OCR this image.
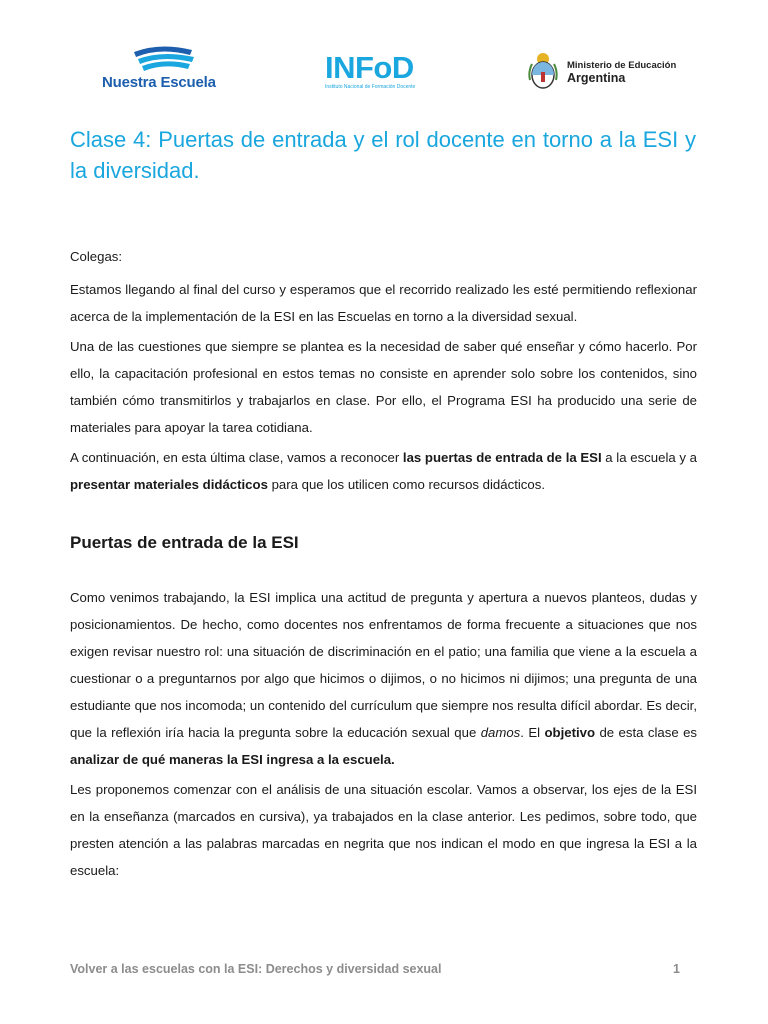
Nuestra Escuela	INFoD
Instituto Nacional de Formación Docente
Ministerio de Educación
Argentina
Clase 4: Puertas de entrada y el rol docente en torno a la ESI y la diversidad.

Colegas:

Estamos llegando al final del curso y esperamos que el recorrido realizado les esté permitiendo reflexionar acerca de la implementación de la ESI en las Escuelas en torno a la diversidad sexual.

Una de las cuestiones que siempre se plantea es la necesidad de saber qué enseñar y cómo hacerlo. Por ello, la capacitación profesional en estos temas no consiste en aprender solo sobre los contenidos, sino también cómo transmitirlos y trabajarlos en clase. Por ello, el Programa ESI ha producido una serie de materiales para apoyar la tarea cotidiana.

A continuación, en esta última clase, vamos a reconocer las puertas de entrada de la ESI a la escuela y a presentar materiales didácticos para que los utilicen como recursos didácticos.

Puertas de entrada de la ESI

Como venimos trabajando, la ESI implica una actitud de pregunta y apertura a nuevos planteos, dudas y posicionamientos. De hecho, como docentes nos enfrentamos de forma frecuente a situaciones que nos exigen revisar nuestro rol: una situación de discriminación en el patio; una familia que viene a la escuela a cuestionar o a preguntarnos por algo que hicimos o dijimos, o no hicimos ni dijimos; una pregunta de una estudiante que nos incomoda; un contenido del currículum que siempre nos resulta difícil abordar. Es decir, que la reflexión iría hacia la pregunta sobre la educación sexual que damos. El objetivo de esta clase es analizar de qué maneras la ESI ingresa a la escuela.

Les proponemos comenzar con el análisis de una situación escolar. Vamos a observar, los ejes de la ESI en la enseñanza (marcados en cursiva), ya trabajados en la clase anterior. Les pedimos, sobre todo, que presten atención a las palabras marcadas en negrita que nos indican el modo en que ingresa la ESI a la escuela:

Volver a las escuelas con la ESI: Derechos y diversidad sexual	1
